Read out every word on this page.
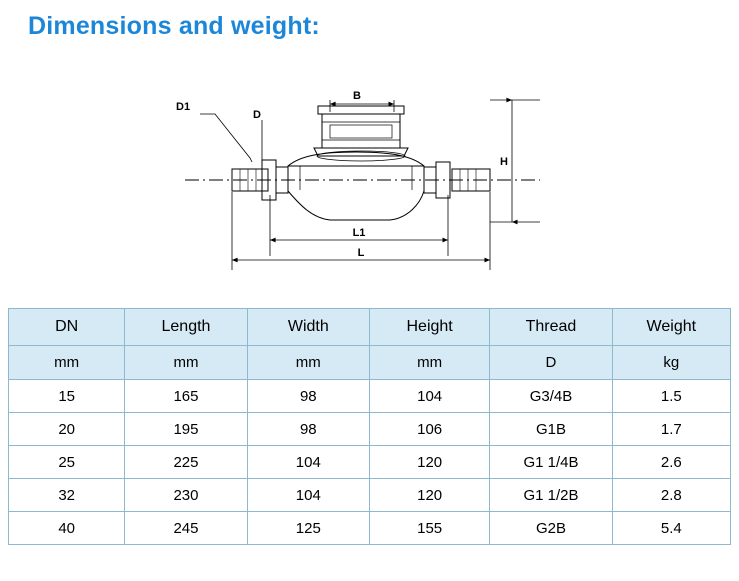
Dimensions and weight:
D1
D
B
H
L1
L
DN	Length	Width	Height	Thread	Weight
mm	mm	mm	mm	D	kg
15	165	98	104	G3/4B	1.5
20	195	98	106	G1B	1.7
25	225	104	120	G1 1/4B	2.6
32	230	104	120	G1 1/2B	2.8
40	245	125	155	G2B	5.4
